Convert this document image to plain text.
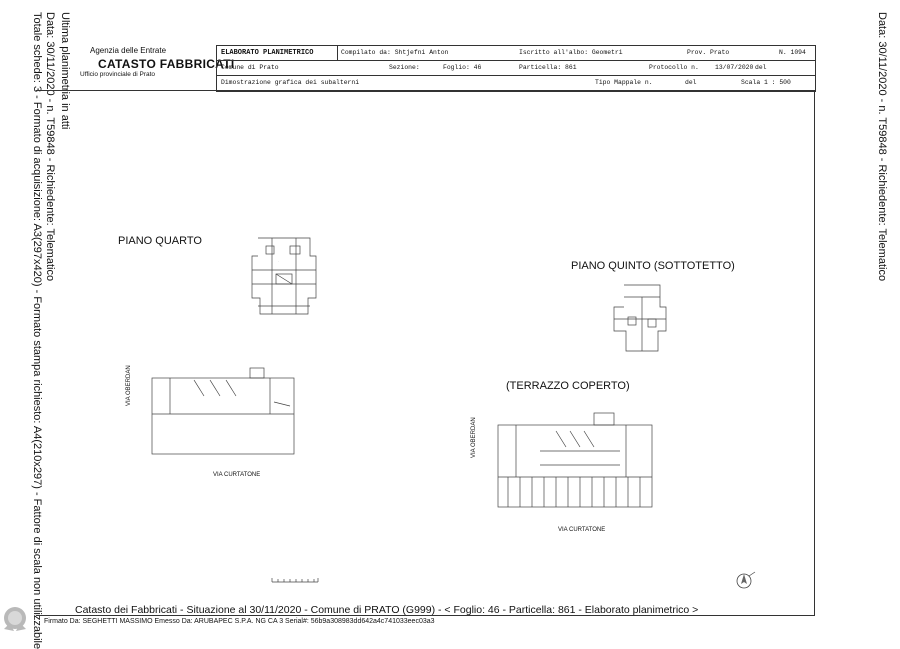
Ultima planimetria in atti
Data: 30/11/2020 - n. T59848 - Richiedente: Telematico
Totale schede: 3 - Formato di acquisizione: A3(297x420) - Formato stampa richiesto: A4(210x297) - Fattore di scala non utilizzabile	Data: 30/11/2020 - n. T59848 - Richiedente: Telematico
Agenzia delle Entrate
CATASTO FABBRICATI
Ufficio provinciale di Prato
ELABORATO PLANIMETRICO	Compilato da: Shtjefni Anton	Iscritto all'albo: Geometri	Prov. Prato	N. 1094
Comune di Prato	Sezione:	Foglio: 46	Particella: 861	Protocollo n.	13/07/2020 del
Dimostrazione grafica dei subalterni	Tipo Mappale n.	del	Scala 1 : 500
PIANO QUARTO
PIANO QUINTO (SOTTOTETTO)
(TERRAZZO COPERTO)
.
VIA OBERDAN
VIA CURTATONE
VIA OBERDAN
VIA CURTATONE
Catasto dei Fabbricati - Situazione al 30/11/2020 - Comune di PRATO (G999) - < Foglio: 46 - Particella: 861 - Elaborato planimetrico >
Firmato Da: SEGHETTI MASSIMO Emesso Da: ARUBAPEC S.P.A. NG CA 3 Serial#: 56b9a308983dd642a4c741033eec03a3
